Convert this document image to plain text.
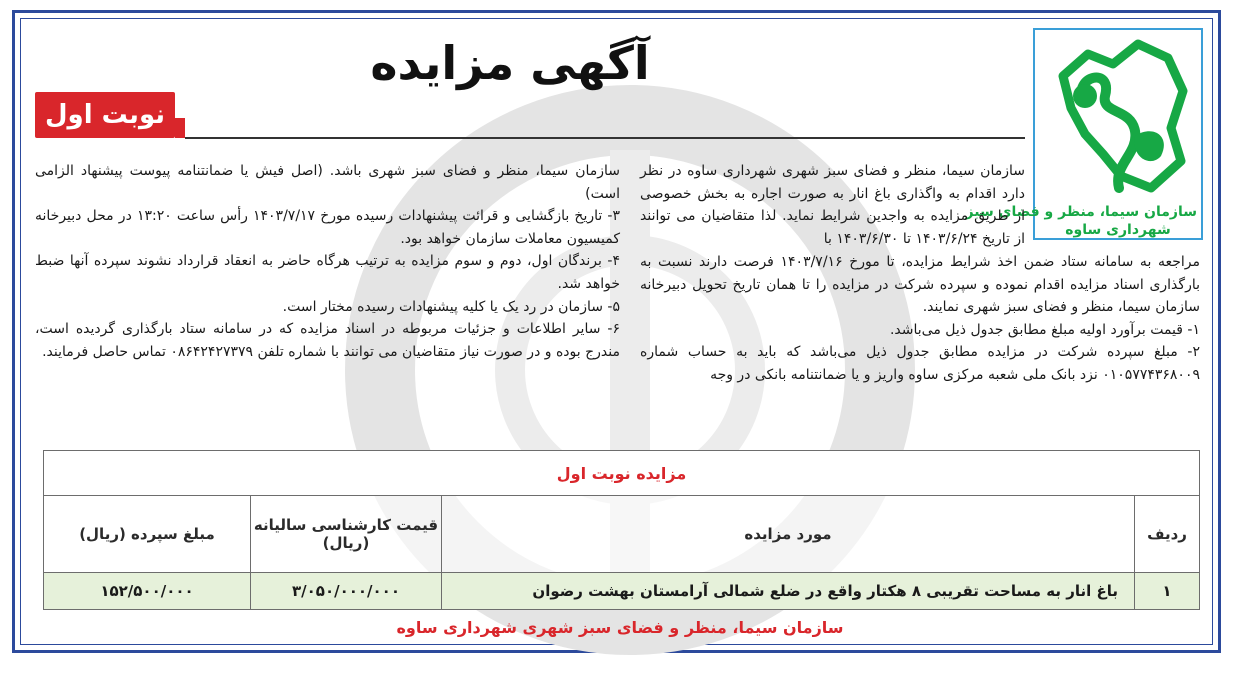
سازمان سیما، منظر و فضای سبز
شهرداری ساوه
آگهی مزایده
نوبت اول

سازمان سیما، منظر و فضای سبز شهری شهرداری ساوه در نظر دارد اقدام به واگذاری باغ انار به صورت اجاره به بخش خصوصی از طریق مزایده به واجدین شرایط نماید. لذا متقاضیان می توانند از تاریخ ۱۴۰۳/۶/۲۴ تا ۱۴۰۳/۶/۳۰ با

مراجعه به سامانه ستاد ضمن اخذ شرایط مزایده، تا مورخ ۱۴۰۳/۷/۱۶ فرصت دارند نسبت به بارگذاری اسناد مزایده اقدام نموده و سپرده شرکت در مزایده را تا همان تاریخ تحویل دبیرخانه سازمان سیما، منظر و فضای سبز شهری نمایند.

۱- قیمت برآورد اولیه مبلغ مطابق جدول ذیل می‌باشد.

۲- مبلغ سپرده شرکت در مزایده مطابق جدول ذیل می‌باشد که باید به حساب شماره ۰۱۰۵۷۷۴۳۶۸۰۰۹ نزد بانک ملی شعبه مرکزی ساوه واریز و یا ضمانتنامه بانکی در وجه

سازمان سیما، منظر و فضای سبز شهری باشد. (اصل فیش یا ضمانتنامه پیوست پیشنهاد الزامی است)

۳- تاریخ بازگشایی و قرائت پیشنهادات رسیده مورخ ۱۴۰۳/۷/۱۷ رأس ساعت ۱۳:۲۰ در محل دبیرخانه کمیسیون معاملات سازمان خواهد بود.

۴- برندگان اول، دوم و سوم مزایده به ترتیب هرگاه حاضر به انعقاد قرارداد نشوند سپرده آنها ضبط خواهد شد.

۵- سازمان در رد یک یا کلیه پیشنهادات رسیده مختار است.

۶- سایر اطلاعات و جزئیات مربوطه در اسناد مزایده که در سامانه ستاد بارگذاری گردیده است، مندرج بوده و در صورت نیاز متقاضیان می توانند با شماره تلفن ۰۸۶۴۲۴۲۷۳۷۹ تماس حاصل فرمایند.

مزایده نوبت اول			
ردیف	مورد مزایده	قیمت کارشناسی سالیانه (ریال)	مبلغ سپرده (ریال)
۱	باغ انار به مساحت تقریبی ۸ هکتار واقع در ضلع شمالی آرامستان بهشت رضوان	۳/۰۵۰/۰۰۰/۰۰۰	۱۵۲/۵۰۰/۰۰۰
سازمان سیما، منظر و فضای سبز شهری شهرداری ساوه
